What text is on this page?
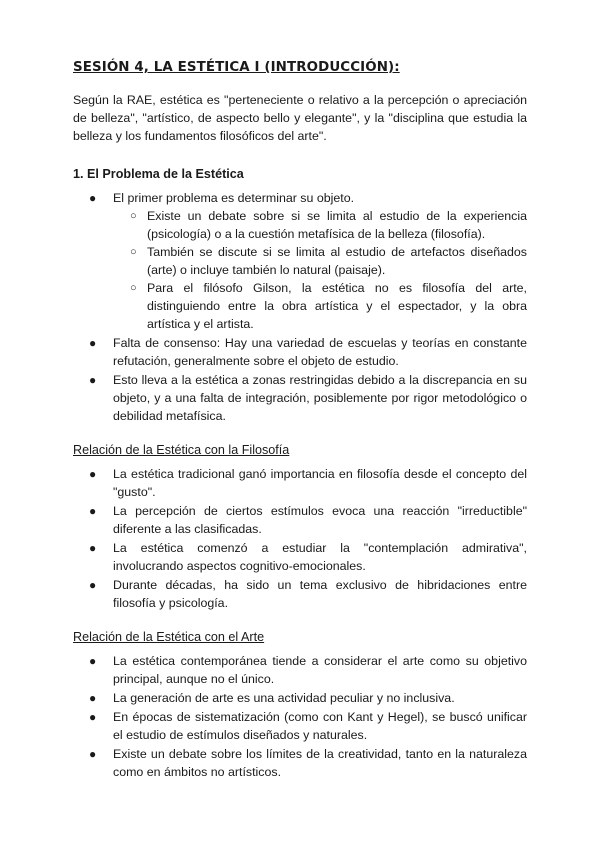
SESIÓN 4, LA ESTÉTICA I (INTRODUCCIÓN):
Según la RAE, estética es "perteneciente o relativo a la percepción o apreciación de belleza", "artístico, de aspecto bello y elegante", y la "disciplina que estudia la belleza y los fundamentos filosóficos del arte".
1. El Problema de la Estética
● El primer problema es determinar su objeto.
○ Existe un debate sobre si se limita al estudio de la experiencia (psicología) o a la cuestión metafísica de la belleza (filosofía).
○ También se discute si se limita al estudio de artefactos diseñados (arte) o incluye también lo natural (paisaje).
○ Para el filósofo Gilson, la estética no es filosofía del arte, distinguiendo entre la obra artística y el espectador, y la obra artística y el artista.
● Falta de consenso: Hay una variedad de escuelas y teorías en constante refutación, generalmente sobre el objeto de estudio.
● Esto lleva a la estética a zonas restringidas debido a la discrepancia en su objeto, y a una falta de integración, posiblemente por rigor metodológico o debilidad metafísica.
Relación de la Estética con la Filosofía
● La estética tradicional ganó importancia en filosofía desde el concepto del "gusto".
● La percepción de ciertos estímulos evoca una reacción "irreductible" diferente a las clasificadas.
● La estética comenzó a estudiar la "contemplación admirativa", involucrando aspectos cognitivo-emocionales.
● Durante décadas, ha sido un tema exclusivo de hibridaciones entre filosofía y psicología.
Relación de la Estética con el Arte
● La estética contemporánea tiende a considerar el arte como su objetivo principal, aunque no el único.
● La generación de arte es una actividad peculiar y no inclusiva.
● En épocas de sistematización (como con Kant y Hegel), se buscó unificar el estudio de estímulos diseñados y naturales.
● Existe un debate sobre los límites de la creatividad, tanto en la naturaleza como en ámbitos no artísticos.
